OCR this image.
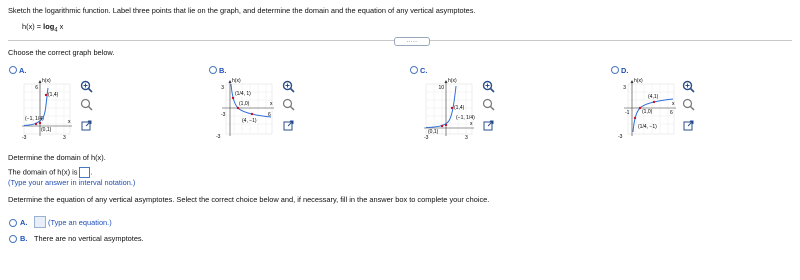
Sketch the logarithmic function. Label three points that lie on the graph, and determine the domain and the equation of any vertical asymptotes.
$h(x) = \log_4 x$
.....
Choose the correct graph below.
A.
h(x)
6
x
-3	3
(1,4)
(−1, 1/4)
(0,1)
B.
h(x)
3
-3
x
-3	6
(1/4, 1)
(1,0)
(4, −1)
C.
h(x)
10
x
-3	3
(1,4)
(−1, 1/4)
(0,1)
D.
h(x)
3
-3
x
-1	6
(4,1)
(1,0)
(1/4, −1)
Determine the domain of h(x).
The domain of h(x) is .
(Type your answer in interval notation.)
Determine the equation of any vertical asymptotes. Select the correct choice below and, if necessary, fill in the answer box to complete your choice.
A.	(Type an equation.)
B. There are no vertical asymptotes.
